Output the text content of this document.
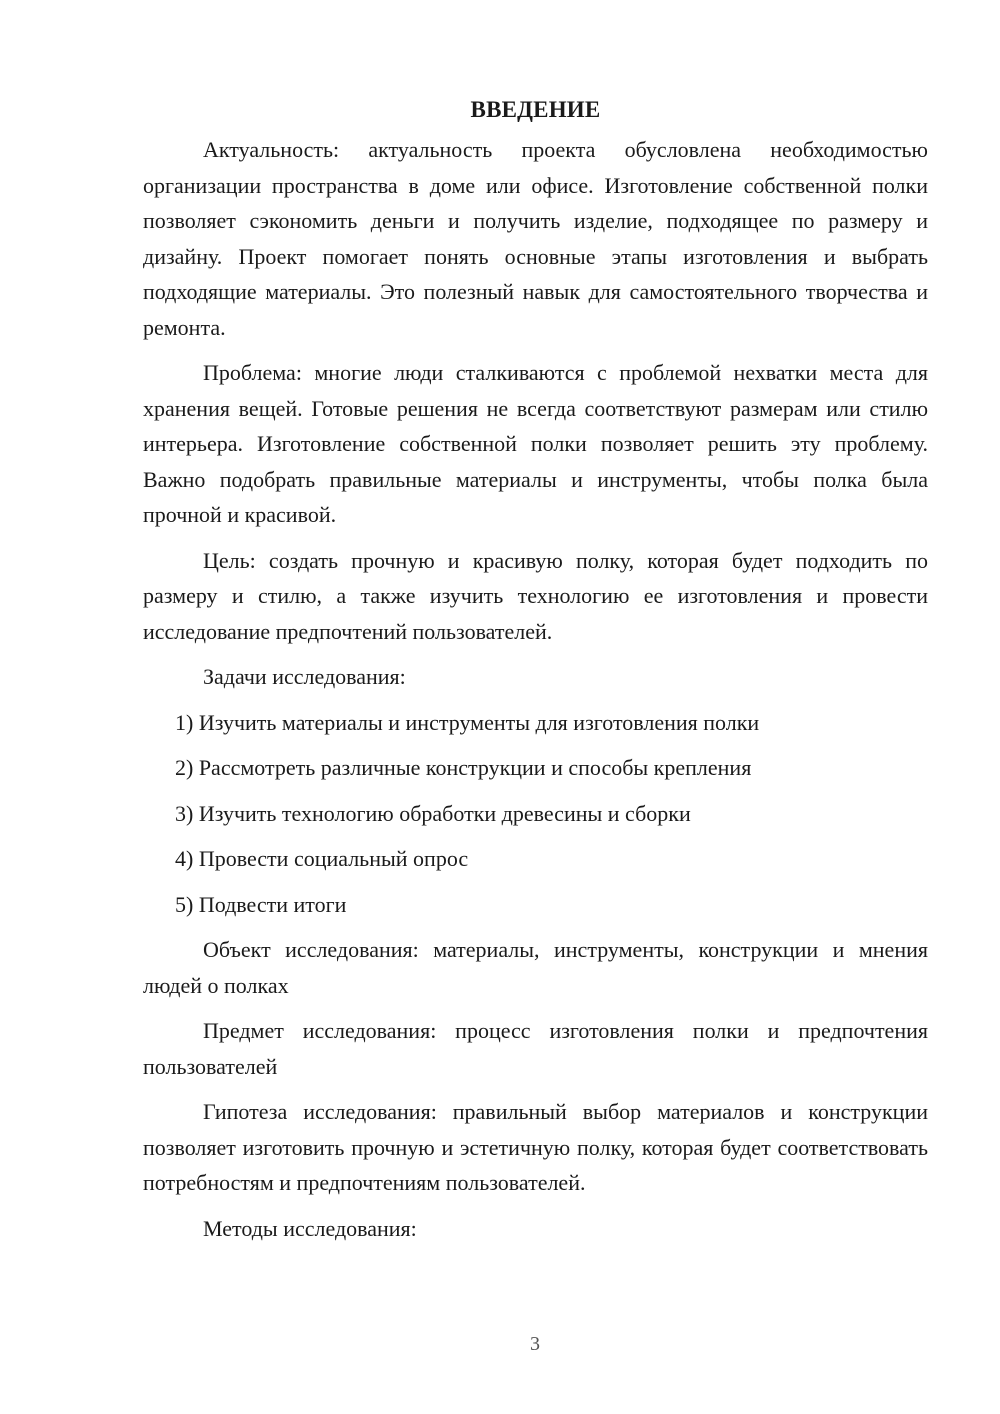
ВВЕДЕНИЕ

Актуальность: актуальность проекта обусловлена необходимостью организации пространства в доме или офисе. Изготовление собственной полки позволяет сэкономить деньги и получить изделие, подходящее по размеру и дизайну. Проект помогает понять основные этапы изготовления и выбрать подходящие материалы. Это полезный навык для самостоятельного творчества и ремонта.

Проблема: многие люди сталкиваются с проблемой нехватки места для хранения вещей. Готовые решения не всегда соответствуют размерам или стилю интерьера. Изготовление собственной полки позволяет решить эту проблему. Важно подобрать правильные материалы и инструменты, чтобы полка была прочной и красивой.

Цель: создать прочную и красивую полку, которая будет подходить по размеру и стилю, а также изучить технологию ее изготовления и провести исследование предпочтений пользователей.

Задачи исследования:

1) Изучить материалы и инструменты для изготовления полки

2) Рассмотреть различные конструкции и способы крепления

3) Изучить технологию обработки древесины и сборки

4) Провести социальный опрос

5) Подвести итоги

Объект исследования: материалы, инструменты, конструкции и мнения людей о полках

Предмет исследования: процесс изготовления полки и предпочтения пользователей

Гипотеза исследования: правильный выбор материалов и конструкции позволяет изготовить прочную и эстетичную полку, которая будет соответствовать потребностям и предпочтениям пользователей.

Методы исследования:

3
